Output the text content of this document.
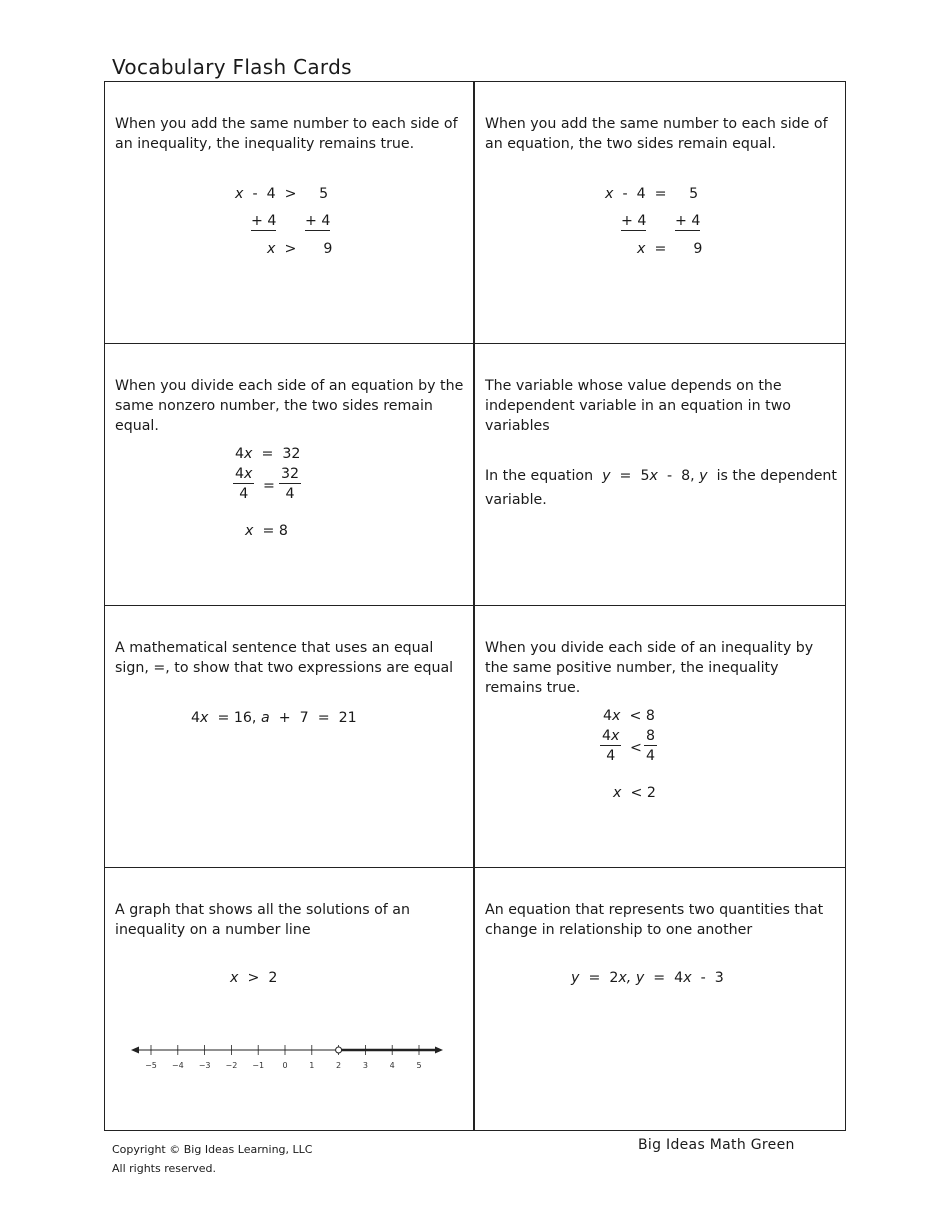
Vocabulary Flash Cards
When you add the same number to each side of an inequality, the inequality remains true.
x - 4 > 5
+ 4 + 4
x > 9
When you add the same number to each side of an equation, the two sides remain equal.
x - 4 = 5
+ 4 + 4
x = 9
When you divide each side of an equation by the same nonzero number, the two sides remain equal.
4x = 32
$\frac{4x}{4} = \frac{32}{4}$
x = 8
The variable whose value depends on the independent variable in an equation in two variables
In the equation y = 5x - 8, y is the dependent
variable.
A mathematical sentence that uses an equal sign, =, to show that two expressions are equal
4x = 16, a + 7 = 21
When you divide each side of an inequality by the same positive number, the inequality remains true.
4x < 8
$\frac{4x}{4} < \frac{8}{4}$
x < 2
A graph that shows all the solutions of an inequality on a number line
x > 2
−5 −4 −3 −2 −1 0	1	2	3	4	5
An equation that represents two quantities that change in relationship to one another
y = 2x, y = 4x - 3
Copyright © Big Ideas Learning, LLC
All rights reserved.
Big Ideas Math Green
